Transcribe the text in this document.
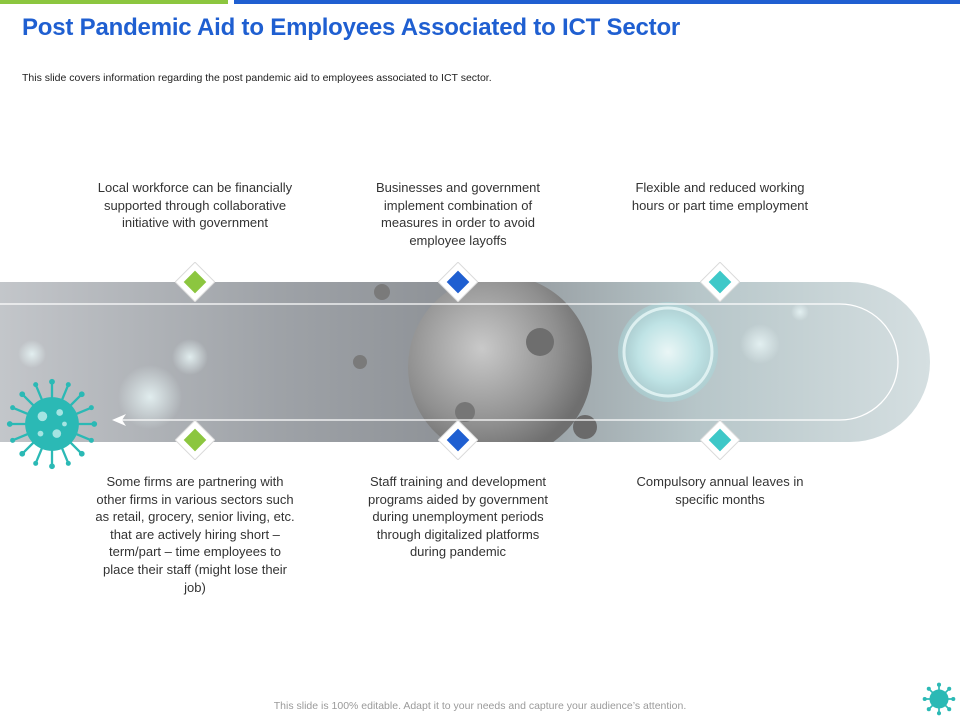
Post Pandemic Aid to Employees Associated to ICT Sector

This slide covers information regarding the post pandemic aid to employees associated to ICT sector.

Local workforce can be financially supported through collaborative initiative with government
Businesses and government implement combination of measures in order to avoid employee layoffs
Flexible and reduced working hours or part time employment
Some firms are partnering with other firms in various sectors such as retail, grocery, senior living, etc. that are actively hiring short – term/part – time employees to place their staff (might lose their job)
Staff training and development programs aided by government during unemployment periods through digitalized platforms during pandemic
Compulsory annual leaves in specific months
This slide is 100% editable. Adapt it to your needs and capture your audience’s attention.
